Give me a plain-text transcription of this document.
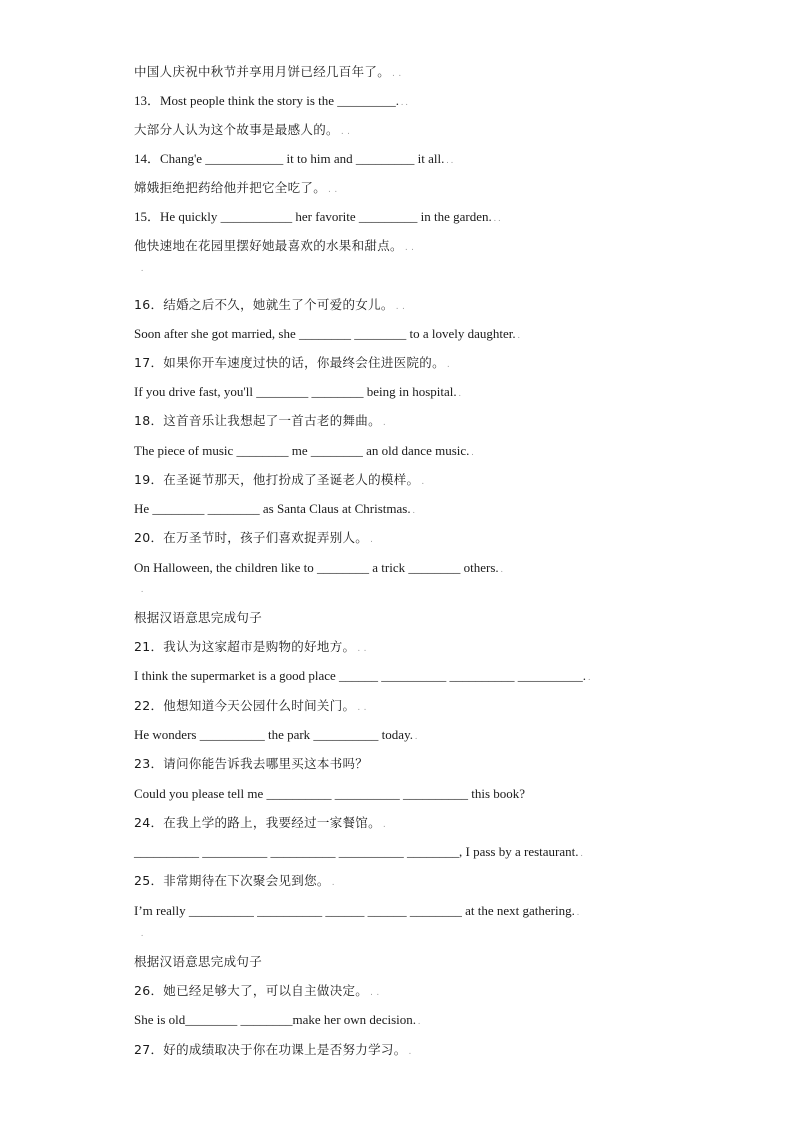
中国人庆祝中秋节并享用月饼已经几百年了。 . .
13．Most people think the story is the _________. . .
大部分人认为这个故事是最感人的。 . .
14．Chang'e ____________ it to him and _________ it all. . .
嫦娥拒绝把药给他并把它全吃了。 . .
15．He quickly ___________ her favorite _________ in the garden. . .
他快速地在花园里摆好她最喜欢的水果和甜点。 . .
.
16．结婚之后不久，她就生了个可爱的女儿。 . .
Soon after she got married, she ________ ________ to a lovely daughter. .
17．如果你开车速度过快的话，你最终会住进医院的。 .
If you drive fast, you'll ________ ________ being in hospital. .
18．这首音乐让我想起了一首古老的舞曲。 .
The piece of music ________ me ________ an old dance music. .
19．在圣诞节那天，他打扮成了圣诞老人的模样。 .
He ________ ________ as Santa Claus at Christmas. .
20．在万圣节时，孩子们喜欢捉弄别人。 .
On Halloween, the children like to ________ a trick ________ others. .
.
根据汉语意思完成句子
21．我认为这家超市是购物的好地方。 . .
I think the supermarket is a good place ______ __________ __________ __________. .
22．他想知道今天公园什么时间关门。 . .
He wonders __________ the park __________ today. .
23．请问你能告诉我去哪里买这本书吗？
Could you please tell me __________ __________ __________ this book?
24．在我上学的路上，我要经过一家餐馆。 .
__________ __________ __________ __________ ________, I pass by a restaurant. .
25．非常期待在下次聚会见到您。 .
I’m really __________ __________ ______ ______ ________ at the next gathering. .
.
根据汉语意思完成句子
26．她已经足够大了，可以自主做决定。 . .
She is old________ ________make her own decision. .
27．好的成绩取决于你在功课上是否努力学习。 .
